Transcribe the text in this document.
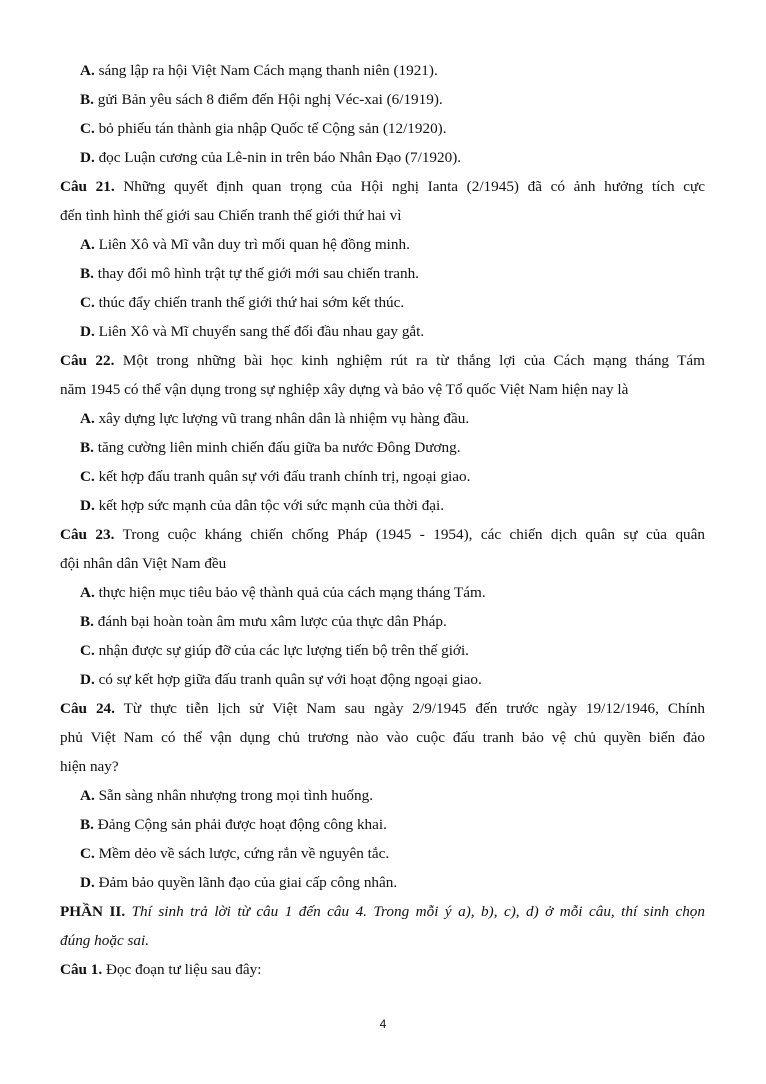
A. sáng lập ra hội Việt Nam Cách mạng thanh niên (1921).
B. gửi Bản yêu sách 8 điểm đến Hội nghị Véc-xai (6/1919).
C. bỏ phiếu tán thành gia nhập Quốc tế Cộng sản (12/1920).
D. đọc Luận cương của Lê-nin in trên báo Nhân Đạo (7/1920).
Câu 21. Những quyết định quan trọng của Hội nghị Ianta (2/1945) đã có ảnh hưởng tích cực
đến tình hình thế giới sau Chiến tranh thế giới thứ hai vì
A. Liên Xô và Mĩ vẫn duy trì mối quan hệ đồng minh.
B. thay đổi mô hình trật tự thế giới mới sau chiến tranh.
C. thúc đẩy chiến tranh thế giới thứ hai sớm kết thúc.
D. Liên Xô và Mĩ chuyển sang thế đối đầu nhau gay gắt.
Câu 22. Một trong những bài học kinh nghiệm rút ra từ thắng lợi của Cách mạng tháng Tám
năm 1945 có thể vận dụng trong sự nghiệp xây dựng và bảo vệ Tổ quốc Việt Nam hiện nay là
A. xây dựng lực lượng vũ trang nhân dân là nhiệm vụ hàng đầu.
B. tăng cường liên minh chiến đấu giữa ba nước Đông Dương.
C. kết hợp đấu tranh quân sự với đấu tranh chính trị, ngoại giao.
D. kết hợp sức mạnh của dân tộc với sức mạnh của thời đại.
Câu 23. Trong cuộc kháng chiến chống Pháp (1945 - 1954), các chiến dịch quân sự của quân
đội nhân dân Việt Nam đều
A. thực hiện mục tiêu bảo vệ thành quả của cách mạng tháng Tám.
B. đánh bại hoàn toàn âm mưu xâm lược của thực dân Pháp.
C. nhận được sự giúp đỡ của các lực lượng tiến bộ trên thế giới.
D. có sự kết hợp giữa đấu tranh quân sự với hoạt động ngoại giao.
Câu 24. Từ thực tiễn lịch sử Việt Nam sau ngày 2/9/1945 đến trước ngày 19/12/1946, Chính
phủ Việt Nam có thể vận dụng chủ trương nào vào cuộc đấu tranh bảo vệ chủ quyền biển đảo
hiện nay?
A. Sẵn sàng nhân nhượng trong mọi tình huống.
B. Đảng Cộng sản phải được hoạt động công khai.
C. Mềm dẻo về sách lược, cứng rắn về nguyên tắc.
D. Đảm bảo quyền lãnh đạo của giai cấp công nhân.
PHẦN II. Thí sinh trả lời từ câu 1 đến câu 4. Trong mỗi ý a), b), c), d) ở mỗi câu, thí sinh chọn
đúng hoặc sai.
Câu 1. Đọc đoạn tư liệu sau đây:
4
